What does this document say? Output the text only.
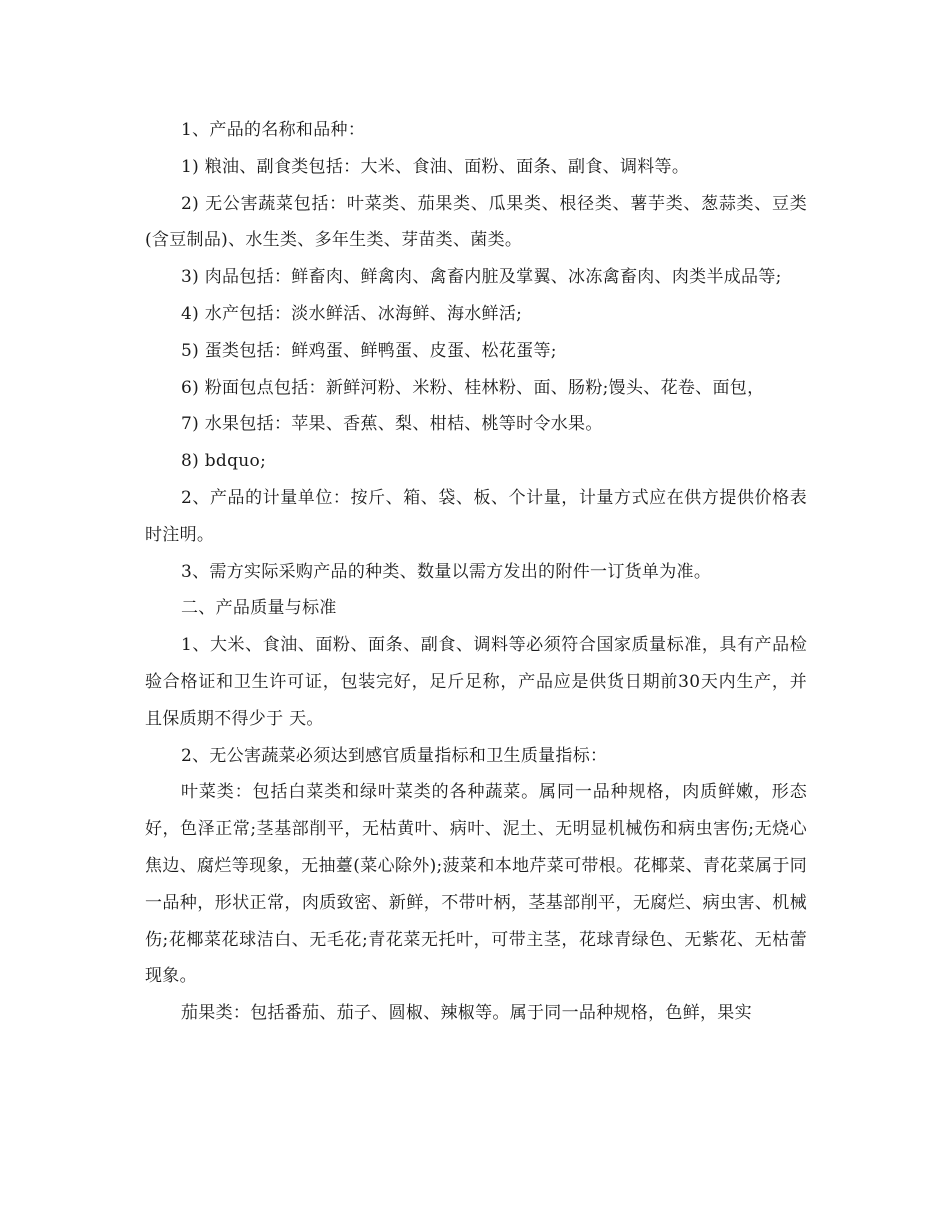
1、产品的名称和品种：

1) 粮油、副食类包括：大米、食油、面粉、面条、副食、调料等。

2) 无公害蔬菜包括：叶菜类、茄果类、瓜果类、根径类、薯芋类、葱蒜类、豆类(含豆制品)、水生类、多年生类、芽苗类、菌类。

3) 肉品包括：鲜畜肉、鲜禽肉、禽畜内脏及掌翼、冰冻禽畜肉、肉类半成品等;

4) 水产包括：淡水鲜活、冰海鲜、海水鲜活;

5) 蛋类包括：鲜鸡蛋、鲜鸭蛋、皮蛋、松花蛋等;

6) 粉面包点包括：新鲜河粉、米粉、桂林粉、面、肠粉;馒头、花卷、面包，

7) 水果包括：苹果、香蕉、梨、柑桔、桃等时令水果。

8) bdquo;

2、产品的计量单位：按斤、箱、袋、板、个计量，计量方式应在供方提供价格表时注明。

3、需方实际采购产品的种类、数量以需方发出的附件一订货单为准。

二、产品质量与标准

1、大米、食油、面粉、面条、副食、调料等必须符合国家质量标准，具有产品检验合格证和卫生许可证，包装完好，足斤足称，产品应是供货日期前30天内生产，并且保质期不得少于 天。

2、无公害蔬菜必须达到感官质量指标和卫生质量指标：

叶菜类：包括白菜类和绿叶菜类的各种蔬菜。属同一品种规格，肉质鲜嫩，形态好，色泽正常;茎基部削平，无枯黄叶、病叶、泥土、无明显机械伤和病虫害伤;无烧心焦边、腐烂等现象，无抽薹(菜心除外);菠菜和本地芹菜可带根。花椰菜、青花菜属于同一品种，形状正常，肉质致密、新鲜，不带叶柄，茎基部削平，无腐烂、病虫害、机械伤;花椰菜花球洁白、无毛花;青花菜无托叶，可带主茎，花球青绿色、无紫花、无枯蕾现象。

茄果类：包括番茄、茄子、圆椒、辣椒等。属于同一品种规格，色鲜，果实
